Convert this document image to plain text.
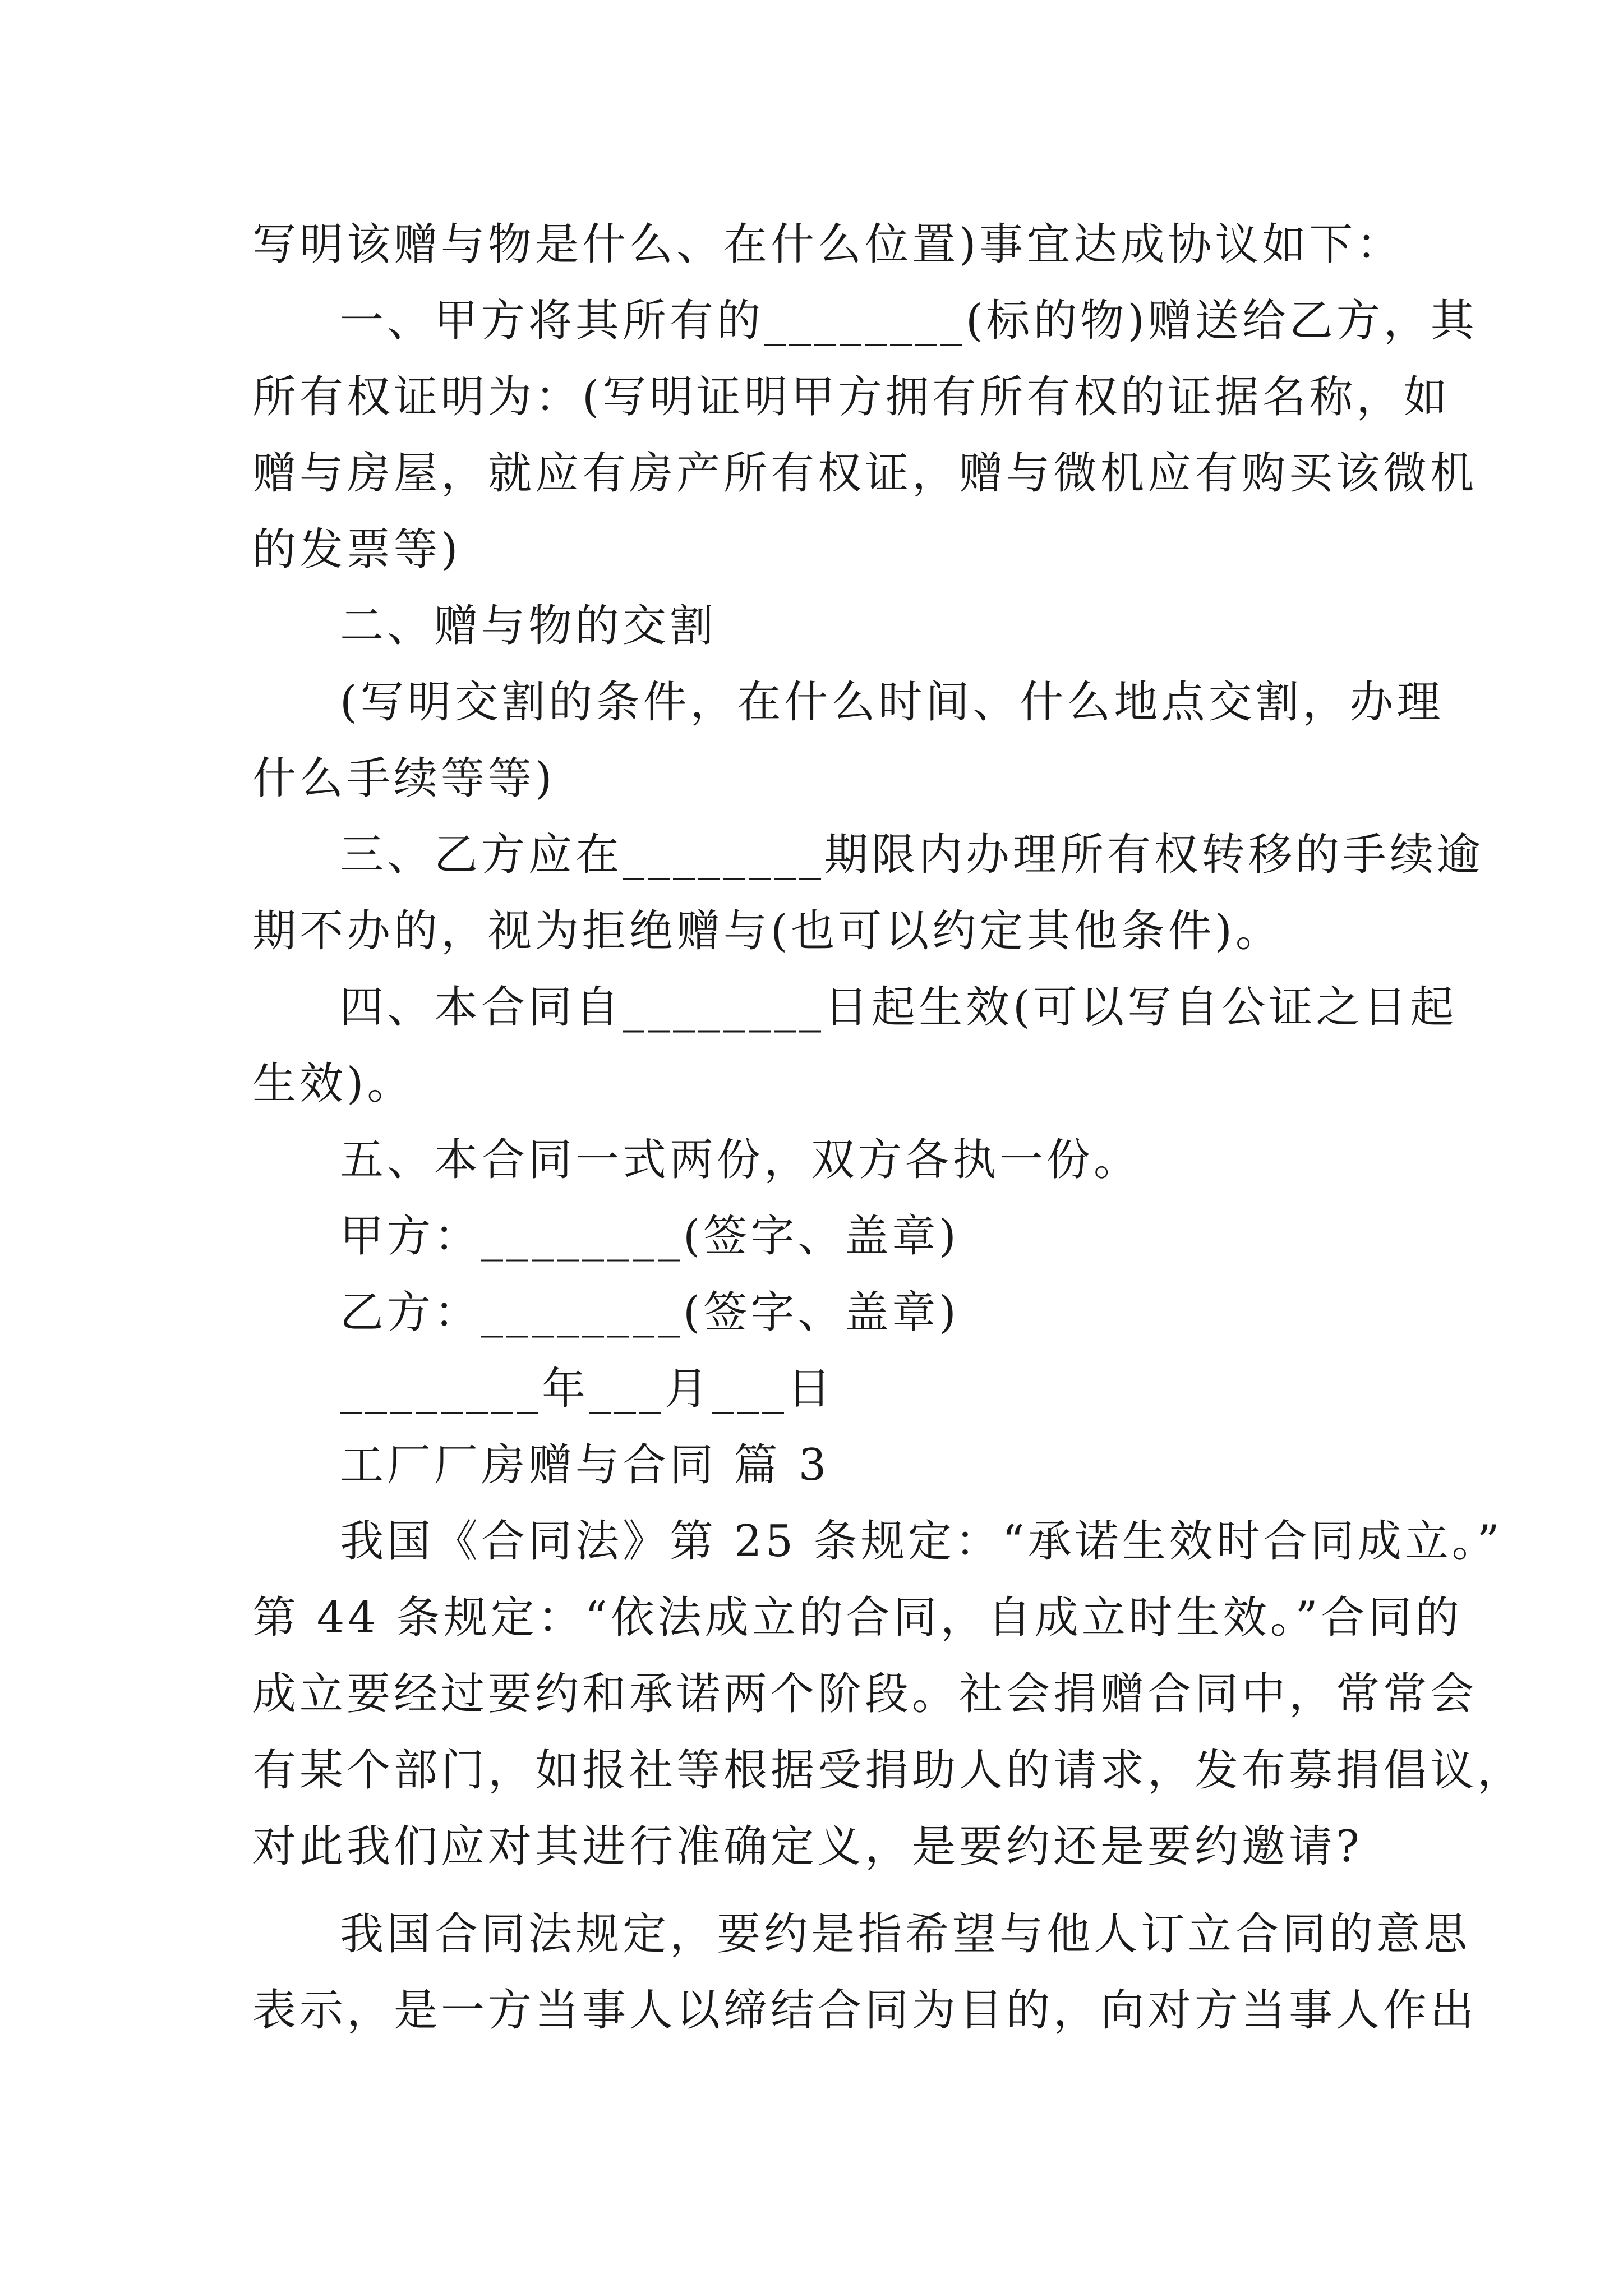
写明该赠与物是什么、在什么位置)事宜达成协议如下：
一、甲方将其所有的________(标的物)赠送给乙方，其
所有权证明为：(写明证明甲方拥有所有权的证据名称，如
赠与房屋，就应有房产所有权证，赠与微机应有购买该微机
的发票等)
二、赠与物的交割
(写明交割的条件，在什么时间、什么地点交割，办理
什么手续等等)
三、乙方应在________期限内办理所有权转移的手续逾
期不办的，视为拒绝赠与(也可以约定其他条件)。
四、本合同自________日起生效(可以写自公证之日起
生效)。
五、本合同一式两份，双方各执一份。
甲方：________(签字、盖章)
乙方：________(签字、盖章)
________年___月___日
工厂厂房赠与合同 篇 3
我国《合同法》第 25 条规定：“承诺生效时合同成立。”
第 44 条规定：“依法成立的合同，自成立时生效。”合同的
成立要经过要约和承诺两个阶段。社会捐赠合同中，常常会
有某个部门，如报社等根据受捐助人的请求，发布募捐倡议，
对此我们应对其进行准确定义，是要约还是要约邀请?
我国合同法规定，要约是指希望与他人订立合同的意思
表示，是一方当事人以缔结合同为目的，向对方当事人作出
